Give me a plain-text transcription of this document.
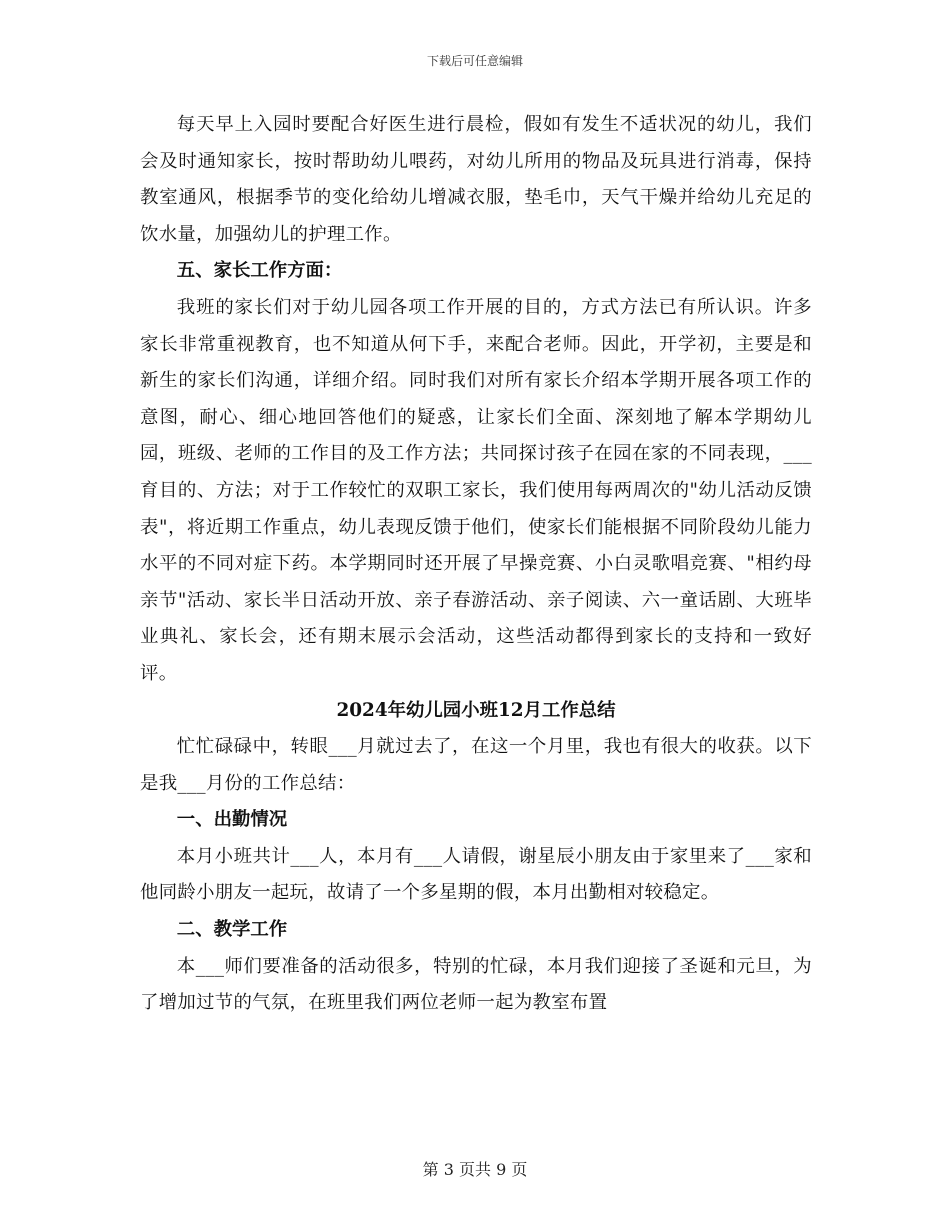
下载后可任意编辑

每天早上入园时要配合好医生进行晨检，假如有发生不适状况的幼儿，我们会及时通知家长，按时帮助幼儿喂药，对幼儿所用的物品及玩具进行消毒，保持教室通风，根据季节的变化给幼儿增减衣服，垫毛巾，天气干燥并给幼儿充足的饮水量，加强幼儿的护理工作。

五、家长工作方面：

我班的家长们对于幼儿园各项工作开展的目的，方式方法已有所认识。许多家长非常重视教育，也不知道从何下手，来配合老师。因此，开学初，主要是和新生的家长们沟通，详细介绍。同时我们对所有家长介绍本学期开展各项工作的意图，耐心、细心地回答他们的疑惑，让家长们全面、深刻地了解本学期幼儿园，班级、老师的工作目的及工作方法；共同探讨孩子在园在家的不同表现，___育目的、方法；对于工作较忙的双职工家长，我们使用每两周次的"幼儿活动反馈表"，将近期工作重点，幼儿表现反馈于他们，使家长们能根据不同阶段幼儿能力水平的不同对症下药。本学期同时还开展了早操竞赛、小白灵歌唱竞赛、"相约母亲节"活动、家长半日活动开放、亲子春游活动、亲子阅读、六一童话剧、大班毕业典礼、家长会，还有期末展示会活动，这些活动都得到家长的支持和一致好评。

2024年幼儿园小班12月工作总结

忙忙碌碌中，转眼___月就过去了，在这一个月里，我也有很大的收获。以下是我___月份的工作总结：

一、出勤情况

本月小班共计___人，本月有___人请假，谢星辰小朋友由于家里来了___家和他同龄小朋友一起玩，故请了一个多星期的假，本月出勤相对较稳定。

二、教学工作

本___师们要准备的活动很多，特别的忙碌，本月我们迎接了圣诞和元旦，为了增加过节的气氛，在班里我们两位老师一起为教室布置

第 3 页共 9 页
